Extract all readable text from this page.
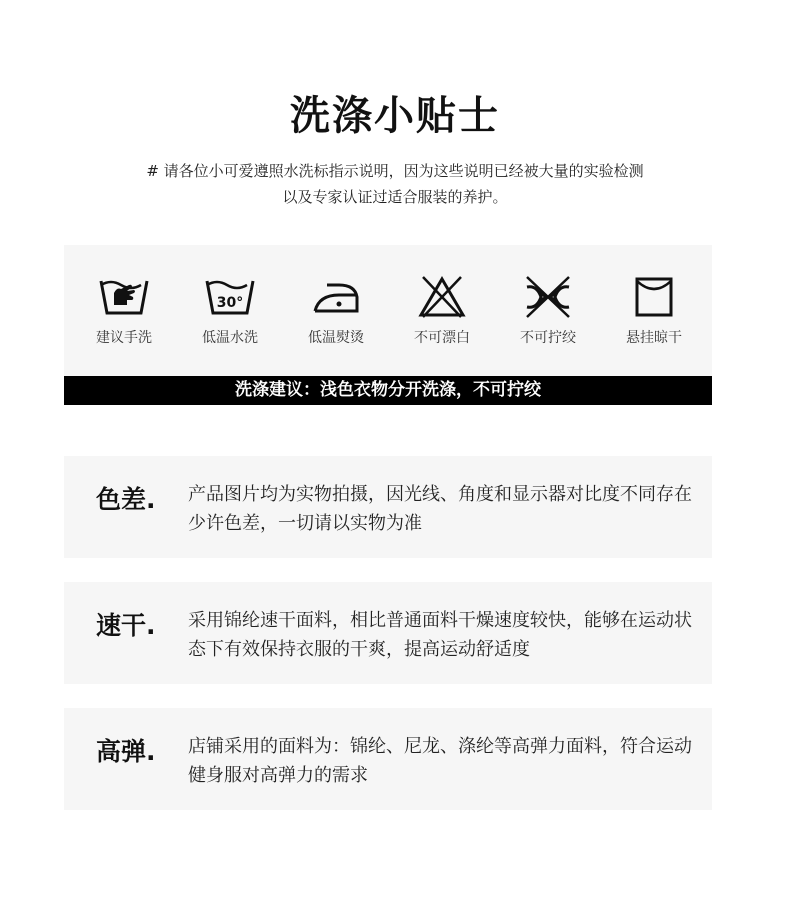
洗涤小贴士
# 请各位小可爱遵照水洗标指示说明，因为这些说明已经被大量的实验检测
以及专家认证过适合服装的养护。
建议手洗
30°
低温水洗	低温熨烫	不可漂白	不可拧绞	悬挂晾干
洗涤建议：浅色衣物分开洗涤，不可拧绞
色差. 产品图片均为实物拍摄，因光线、角度和显示器对比度不同存在少许色差，一切请以实物为准
速干. 采用锦纶速干面料，相比普通面料干燥速度较快，能够在运动状态下有效保持衣服的干爽，提高运动舒适度
高弹. 店铺采用的面料为：锦纶、尼龙、涤纶等高弹力面料，符合运动健身服对高弹力的需求
